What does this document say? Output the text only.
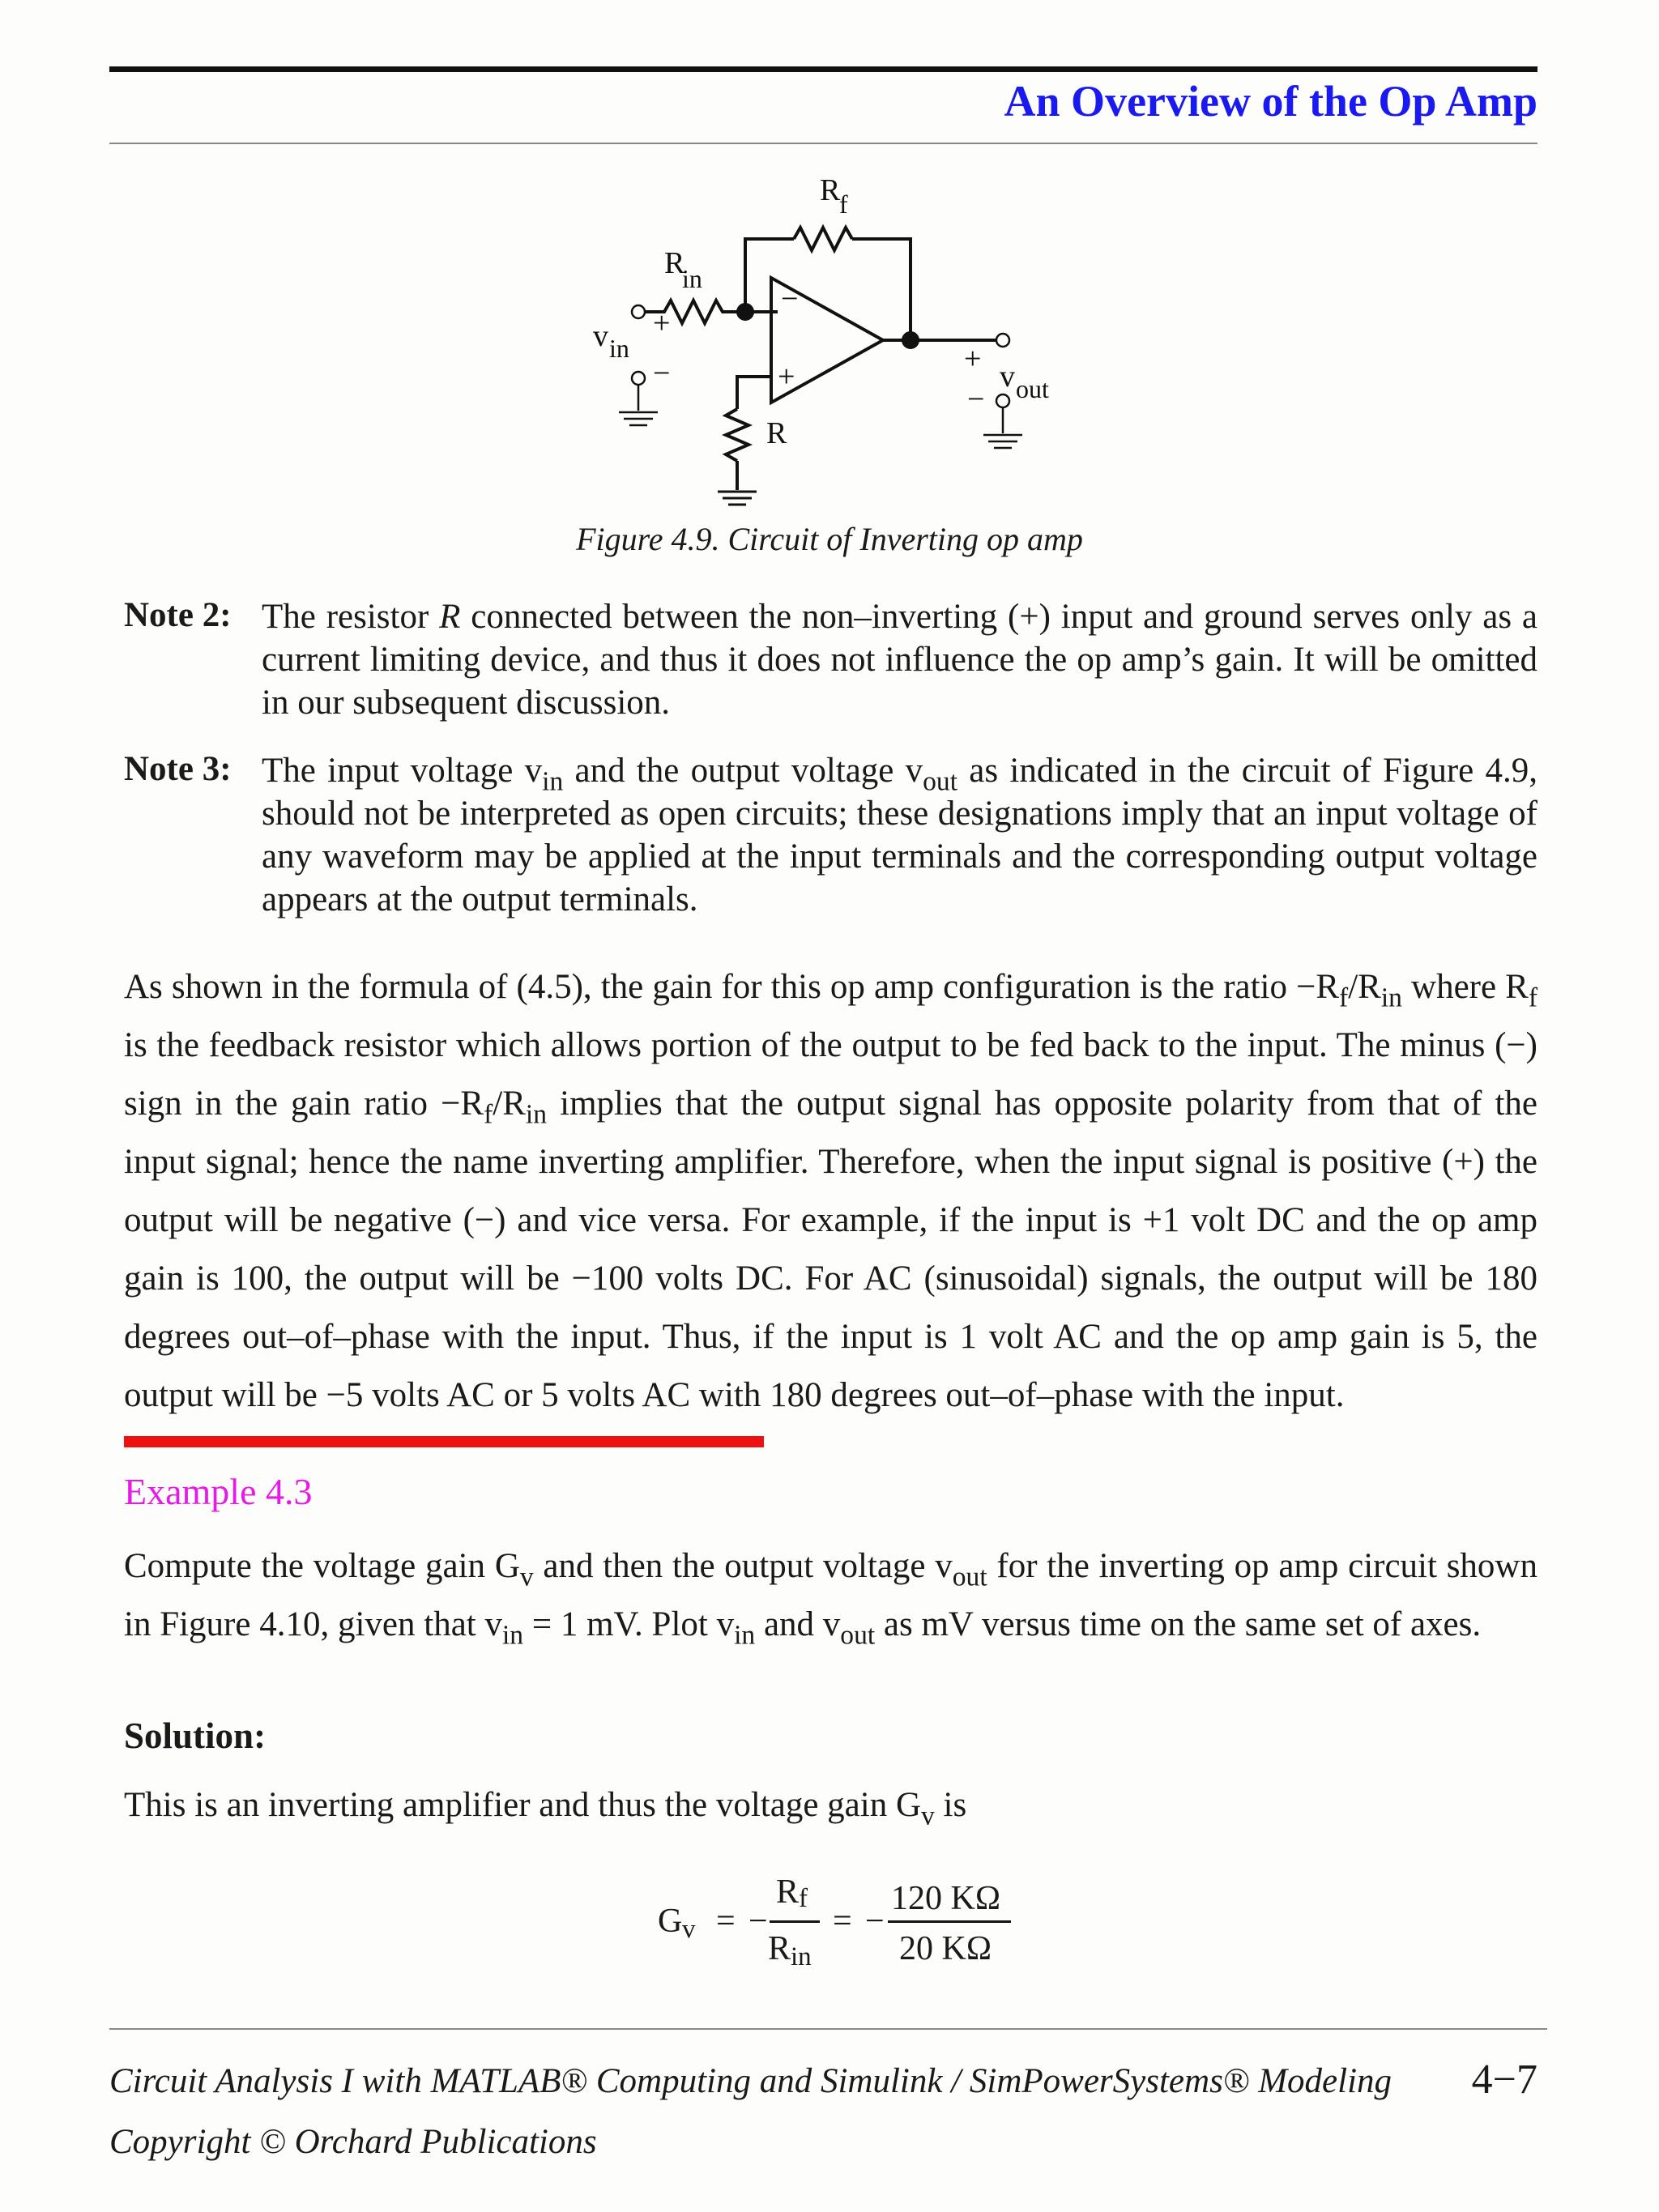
An Overview of the Op Amp
R
f
R
in
+
v in
−
−
+
+
v out
−
R
Figure 4.9. Circuit of Inverting op amp
Note 2: The resistor R connected between the non–inverting (+) input and ground serves only as a current limiting device, and thus it does not influence the op amp’s gain. It will be omitted in our subsequent discussion.
Note 3: The input voltage $v_{in}$ and the output voltage $v_{out}$ as indicated in the circuit of Figure 4.9, should not be interpreted as open circuits; these designations imply that an input voltage of any waveform may be applied at the input terminals and the corresponding output voltage appears at the output terminals.
As shown in the formula of (4.5), the gain for this op amp configuration is the ratio $-R_f/R_{in}$ where $R_f$ is the feedback resistor which allows portion of the output to be fed back to the input. The minus (−) sign in the gain ratio $-R_f/R_{in}$ implies that the output signal has opposite polarity from that of the input signal; hence the name inverting amplifier. Therefore, when the input signal is positive (+) the output will be negative (−) and vice versa. For example, if the input is +1 volt DC and the op amp gain is 100, the output will be −100 volts DC. For AC (sinusoidal) signals, the output will be 180 degrees out–of–phase with the input. Thus, if the input is 1 volt AC and the op amp gain is 5, the output will be −5 volts AC or 5 volts AC with 180 degrees out–of–phase with the input.
Example 4.3
Compute the voltage gain $G_v$ and then the output voltage $v_{out}$ for the inverting op amp circuit shown in Figure 4.10, given that $v_{in} = 1$ mV. Plot $v_{in}$ and $v_{out}$ as mV versus time on the same set of axes.
Solution:
This is an inverting amplifier and thus the voltage gain $G_v$ is
G v = −
R f
R in
= −
120 KΩ
20 KΩ
Circuit Analysis I with MATLAB® Computing and Simulink / SimPowerSystems® Modeling
Copyright © Orchard Publications
4−7
